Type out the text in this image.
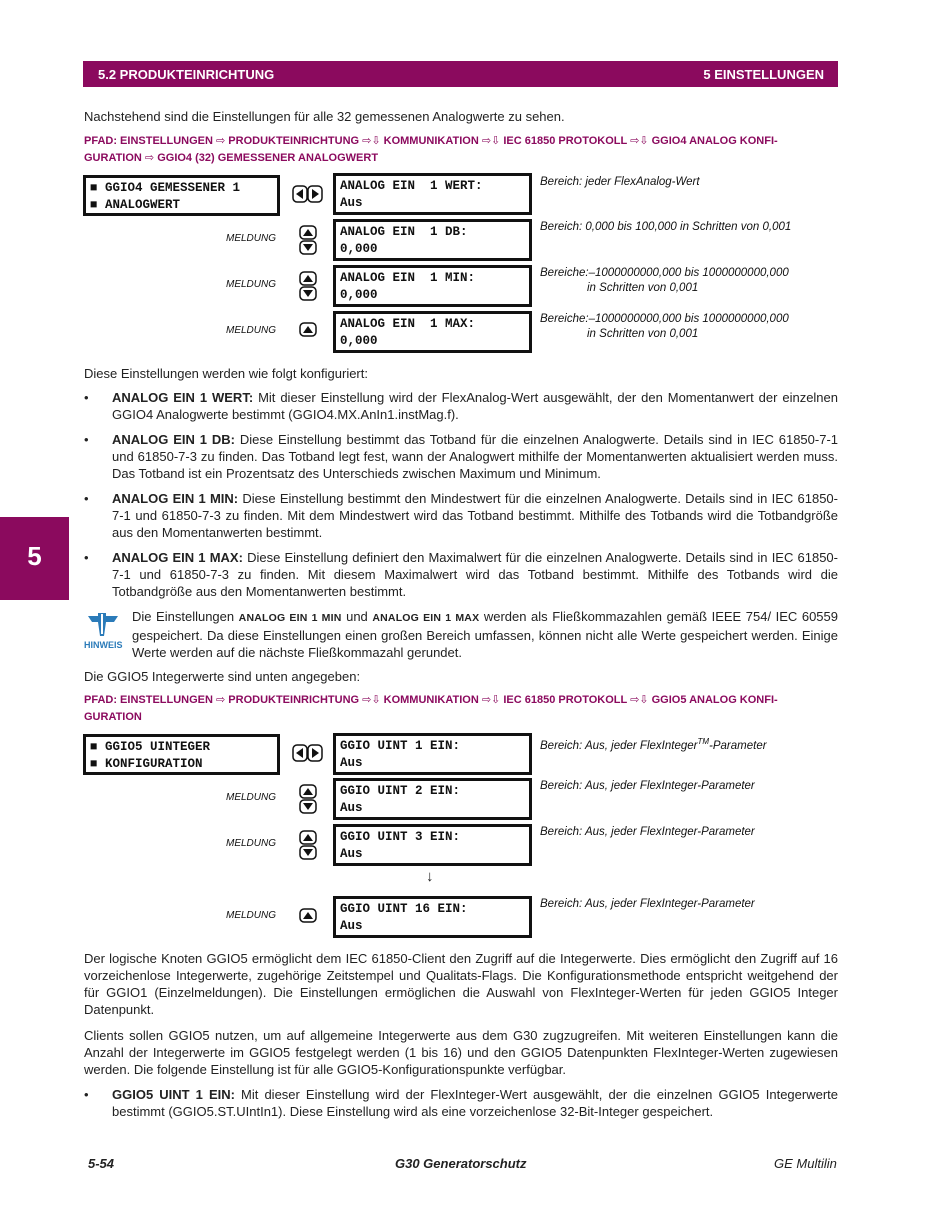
5.2 PRODUKTEINRICHTUNG	5 EINSTELLUNGEN
5
Nachstehend sind die Einstellungen für alle 32 gemessenen Analogwerte zu sehen.
PFAD: EINSTELLUNGEN ⇨ PRODUKTEINRICHTUNG ⇨⇩ KOMMUNIKATION ⇨⇩ IEC 61850 PROTOKOLL ⇨⇩ GGIO4 ANALOG KONFI-
GURATION ⇨ GGIO4 (32) GEMESSENER ANALOGWERT
■ GGIO4 GEMESSENER 1
■ ANALOGWERT
ANALOG EIN  1 WERT:
Aus
Bereich: jeder FlexAnalog-Wert
MELDUNG	ANALOG EIN  1 DB:
0,000
Bereich: 0,000 bis 100,000 in Schritten von 0,001
MELDUNG	ANALOG EIN  1 MIN:
0,000
Bereiche:–1000000000,000 bis 1000000000,000
in Schritten von 0,001
MELDUNG	ANALOG EIN  1 MAX:
0,000
Bereiche:–1000000000,000 bis 1000000000,000
in Schritten von 0,001
Diese Einstellungen werden wie folgt konfiguriert:
• ANALOG EIN 1 WERT: Mit dieser Einstellung wird der FlexAnalog-Wert ausgewählt, der den Momentanwert der einzelnen GGIO4 Analogwerte bestimmt (GGIO4.MX.AnIn1.instMag.f).
• ANALOG EIN 1 DB: Diese Einstellung bestimmt das Totband für die einzelnen Analogwerte. Details sind in IEC 61850-7-1 und 61850-7-3 zu finden. Das Totband legt fest, wann der Analogwert mithilfe der Momentanwerten aktualisiert werden muss. Das Totband ist ein Prozentsatz des Unterschieds zwischen Maximum und Minimum.
• ANALOG EIN 1 MIN: Diese Einstellung bestimmt den Mindestwert für die einzelnen Analogwerte. Details sind in IEC 61850-7-1 und 61850-7-3 zu finden. Mit dem Mindestwert wird das Totband bestimmt. Mithilfe des Totbands wird die Totbandgröße aus den Momentanwerten bestimmt.
• ANALOG EIN 1 MAX: Diese Einstellung definiert den Maximalwert für die einzelnen Analogwerte. Details sind in IEC 61850-7-1 und 61850-7-3 zu finden. Mit diesem Maximalwert wird das Totband bestimmt. Mithilfe des Totbands wird die Totbandgröße aus den Momentanwerten bestimmt.
HINWEIS
Die Einstellungen ANALOG EIN 1 MIN und ANALOG EIN 1 MAX werden als Fließkommazahlen gemäß IEEE 754/ IEC 60559 gespeichert. Da diese Einstellungen einen großen Bereich umfassen, können nicht alle Werte gespeichert werden. Einige Werte werden auf die nächste Fließkommazahl gerundet.
Die GGIO5 Integerwerte sind unten angegeben:
PFAD: EINSTELLUNGEN ⇨ PRODUKTEINRICHTUNG ⇨⇩ KOMMUNIKATION ⇨⇩ IEC 61850 PROTOKOLL ⇨⇩ GGIO5 ANALOG KONFI-
GURATION
■ GGIO5 UINTEGER
■ KONFIGURATION
GGIO UINT 1 EIN:
Aus
Bereich: Aus, jeder FlexInteger™-Parameter
MELDUNG	GGIO UINT 2 EIN:
Aus
Bereich: Aus, jeder FlexInteger-Parameter
MELDUNG	GGIO UINT 3 EIN:
Aus
Bereich: Aus, jeder FlexInteger-Parameter
↓
MELDUNG	GGIO UINT 16 EIN:
Aus
Bereich: Aus, jeder FlexInteger-Parameter
Der logische Knoten GGIO5 ermöglicht dem IEC 61850-Client den Zugriff auf die Integerwerte. Dies ermöglicht den Zugriff auf 16 vorzeichenlose Integerwerte, zugehörige Zeitstempel und Qualitats-Flags. Die Konfigurationsmethode entspricht weitgehend der für GGIO1 (Einzelmeldungen). Die Einstellungen ermöglichen die Auswahl von FlexInteger-Werten für jeden GGIO5 Integer Datenpunkt.
Clients sollen GGIO5 nutzen, um auf allgemeine Integerwerte aus dem G30 zugzugreifen. Mit weiteren Einstellungen kann die Anzahl der Integerwerte im GGIO5 festgelegt werden (1 bis 16) und den GGIO5 Datenpunkten FlexInteger-Werten zugewiesen werden. Die folgende Einstellung ist für alle GGIO5-Konfigurationspunkte verfügbar.
• GGIO5 UINT 1 EIN: Mit dieser Einstellung wird der FlexInteger-Wert ausgewählt, der die einzelnen GGIO5 Integerwerte bestimmt (GGIO5.ST.UIntIn1). Diese Einstellung wird als eine vorzeichenlose 32-Bit-Integer gespeichert.
5-54	G30 Generatorschutz	GE Multilin
